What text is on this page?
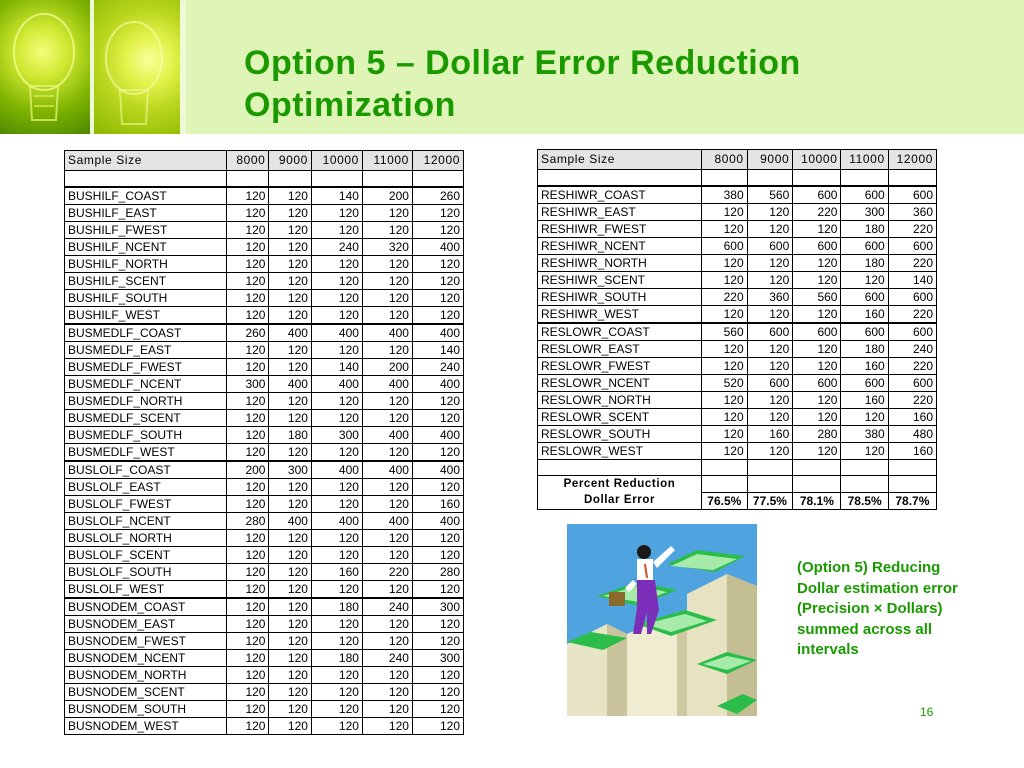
Option 5 – Dollar Error Reduction
Optimization
Sample Size	8000	9000	10000	11000	12000

BUSHILF_COAST	120	120	140	200	260
BUSHILF_EAST	120	120	120	120	120
BUSHILF_FWEST	120	120	120	120	120
BUSHILF_NCENT	120	120	240	320	400
BUSHILF_NORTH	120	120	120	120	120
BUSHILF_SCENT	120	120	120	120	120
BUSHILF_SOUTH	120	120	120	120	120
BUSHILF_WEST	120	120	120	120	120
BUSMEDLF_COAST	260	400	400	400	400
BUSMEDLF_EAST	120	120	120	120	140
BUSMEDLF_FWEST	120	120	140	200	240
BUSMEDLF_NCENT	300	400	400	400	400
BUSMEDLF_NORTH	120	120	120	120	120
BUSMEDLF_SCENT	120	120	120	120	120
BUSMEDLF_SOUTH	120	180	300	400	400
BUSMEDLF_WEST	120	120	120	120	120
BUSLOLF_COAST	200	300	400	400	400
BUSLOLF_EAST	120	120	120	120	120
BUSLOLF_FWEST	120	120	120	120	160
BUSLOLF_NCENT	280	400	400	400	400
BUSLOLF_NORTH	120	120	120	120	120
BUSLOLF_SCENT	120	120	120	120	120
BUSLOLF_SOUTH	120	120	160	220	280
BUSLOLF_WEST	120	120	120	120	120
BUSNODEM_COAST	120	120	180	240	300
BUSNODEM_EAST	120	120	120	120	120
BUSNODEM_FWEST	120	120	120	120	120
BUSNODEM_NCENT	120	120	180	240	300
BUSNODEM_NORTH	120	120	120	120	120
BUSNODEM_SCENT	120	120	120	120	120
BUSNODEM_SOUTH	120	120	120	120	120
BUSNODEM_WEST	120	120	120	120	120
Sample Size	8000	9000	10000	11000	12000

RESHIWR_COAST	380	560	600	600	600
RESHIWR_EAST	120	120	220	300	360
RESHIWR_FWEST	120	120	120	180	220
RESHIWR_NCENT	600	600	600	600	600
RESHIWR_NORTH	120	120	120	180	220
RESHIWR_SCENT	120	120	120	120	140
RESHIWR_SOUTH	220	360	560	600	600
RESHIWR_WEST	120	120	120	160	220
RESLOWR_COAST	560	600	600	600	600
RESLOWR_EAST	120	120	120	180	240
RESLOWR_FWEST	120	120	120	160	220
RESLOWR_NCENT	520	600	600	600	600
RESLOWR_NORTH	120	120	120	160	220
RESLOWR_SCENT	120	120	120	120	160
RESLOWR_SOUTH	120	160	280	380	480
RESLOWR_WEST	120	120	120	120	160

Percent Reduction					
Dollar Error	76.5%	77.5%	78.1%	78.5%	78.7%
(Option 5) Reducing
Dollar estimation error
(Precision × Dollars)
summed across all
intervals
16
